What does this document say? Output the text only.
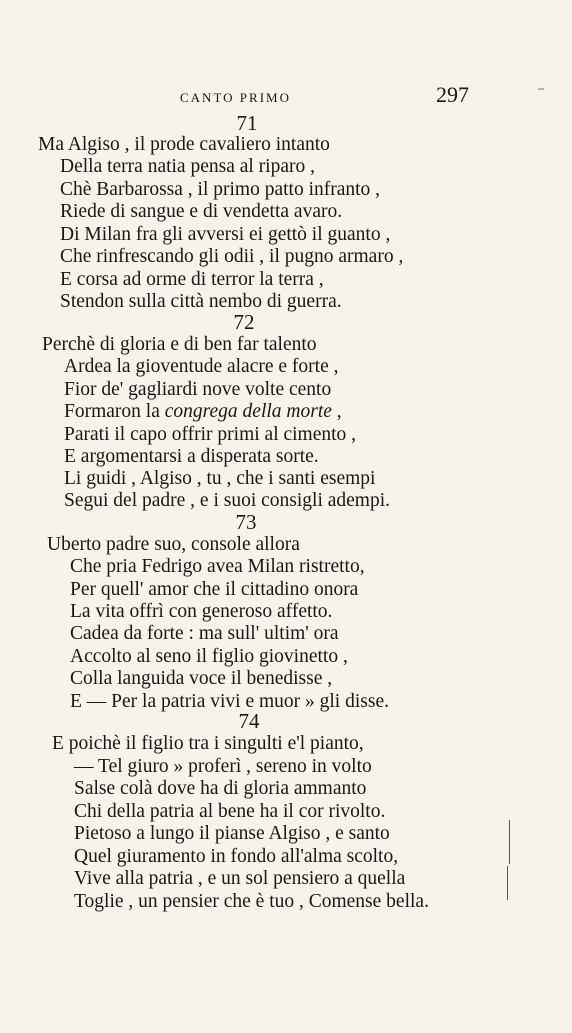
CANTO PRIMO	297
71
Ma Algiso , il prode cavaliero intanto
Della terra natia pensa al riparo ,
Chè Barbarossa , il primo patto infranto ,
Riede di sangue e di vendetta avaro.
Di Milan fra gli avversi ei gettò il guanto ,
Che rinfrescando gli odii , il pugno armaro ,
E corsa ad orme di terror la terra ,
Stendon sulla città nembo di guerra.
72
Perchè di gloria e di ben far talento
Ardea la gioventude alacre e forte ,
Fior de' gagliardi nove volte cento
Formaron la congrega della morte ,
Parati il capo offrir primi al cimento ,
E argomentarsi a disperata sorte.
Li guidi , Algiso , tu , che i santi esempi
Segui del padre , e i suoi consigli adempi.
73
Uberto padre suo, console allora
Che pria Fedrigo avea Milan ristretto,
Per quell' amor che il cittadino onora
La vita offrì con generoso affetto.
Cadea da forte : ma sull' ultim' ora
Accolto al seno il figlio giovinetto ,
Colla languida voce il benedisse ,
E — Per la patria vivi e muor » gli disse.
74
E poichè il figlio tra i singulti e'l pianto,
— Tel giuro » proferì , sereno in volto
Salse colà dove ha di gloria ammanto
Chi della patria al bene ha il cor rivolto.
Pietoso a lungo il pianse Algiso , e santo
Quel giuramento in fondo all'alma scolto,
Vive alla patria , e un sol pensiero a quella
Toglie , un pensier che è tuo , Comense bella.
